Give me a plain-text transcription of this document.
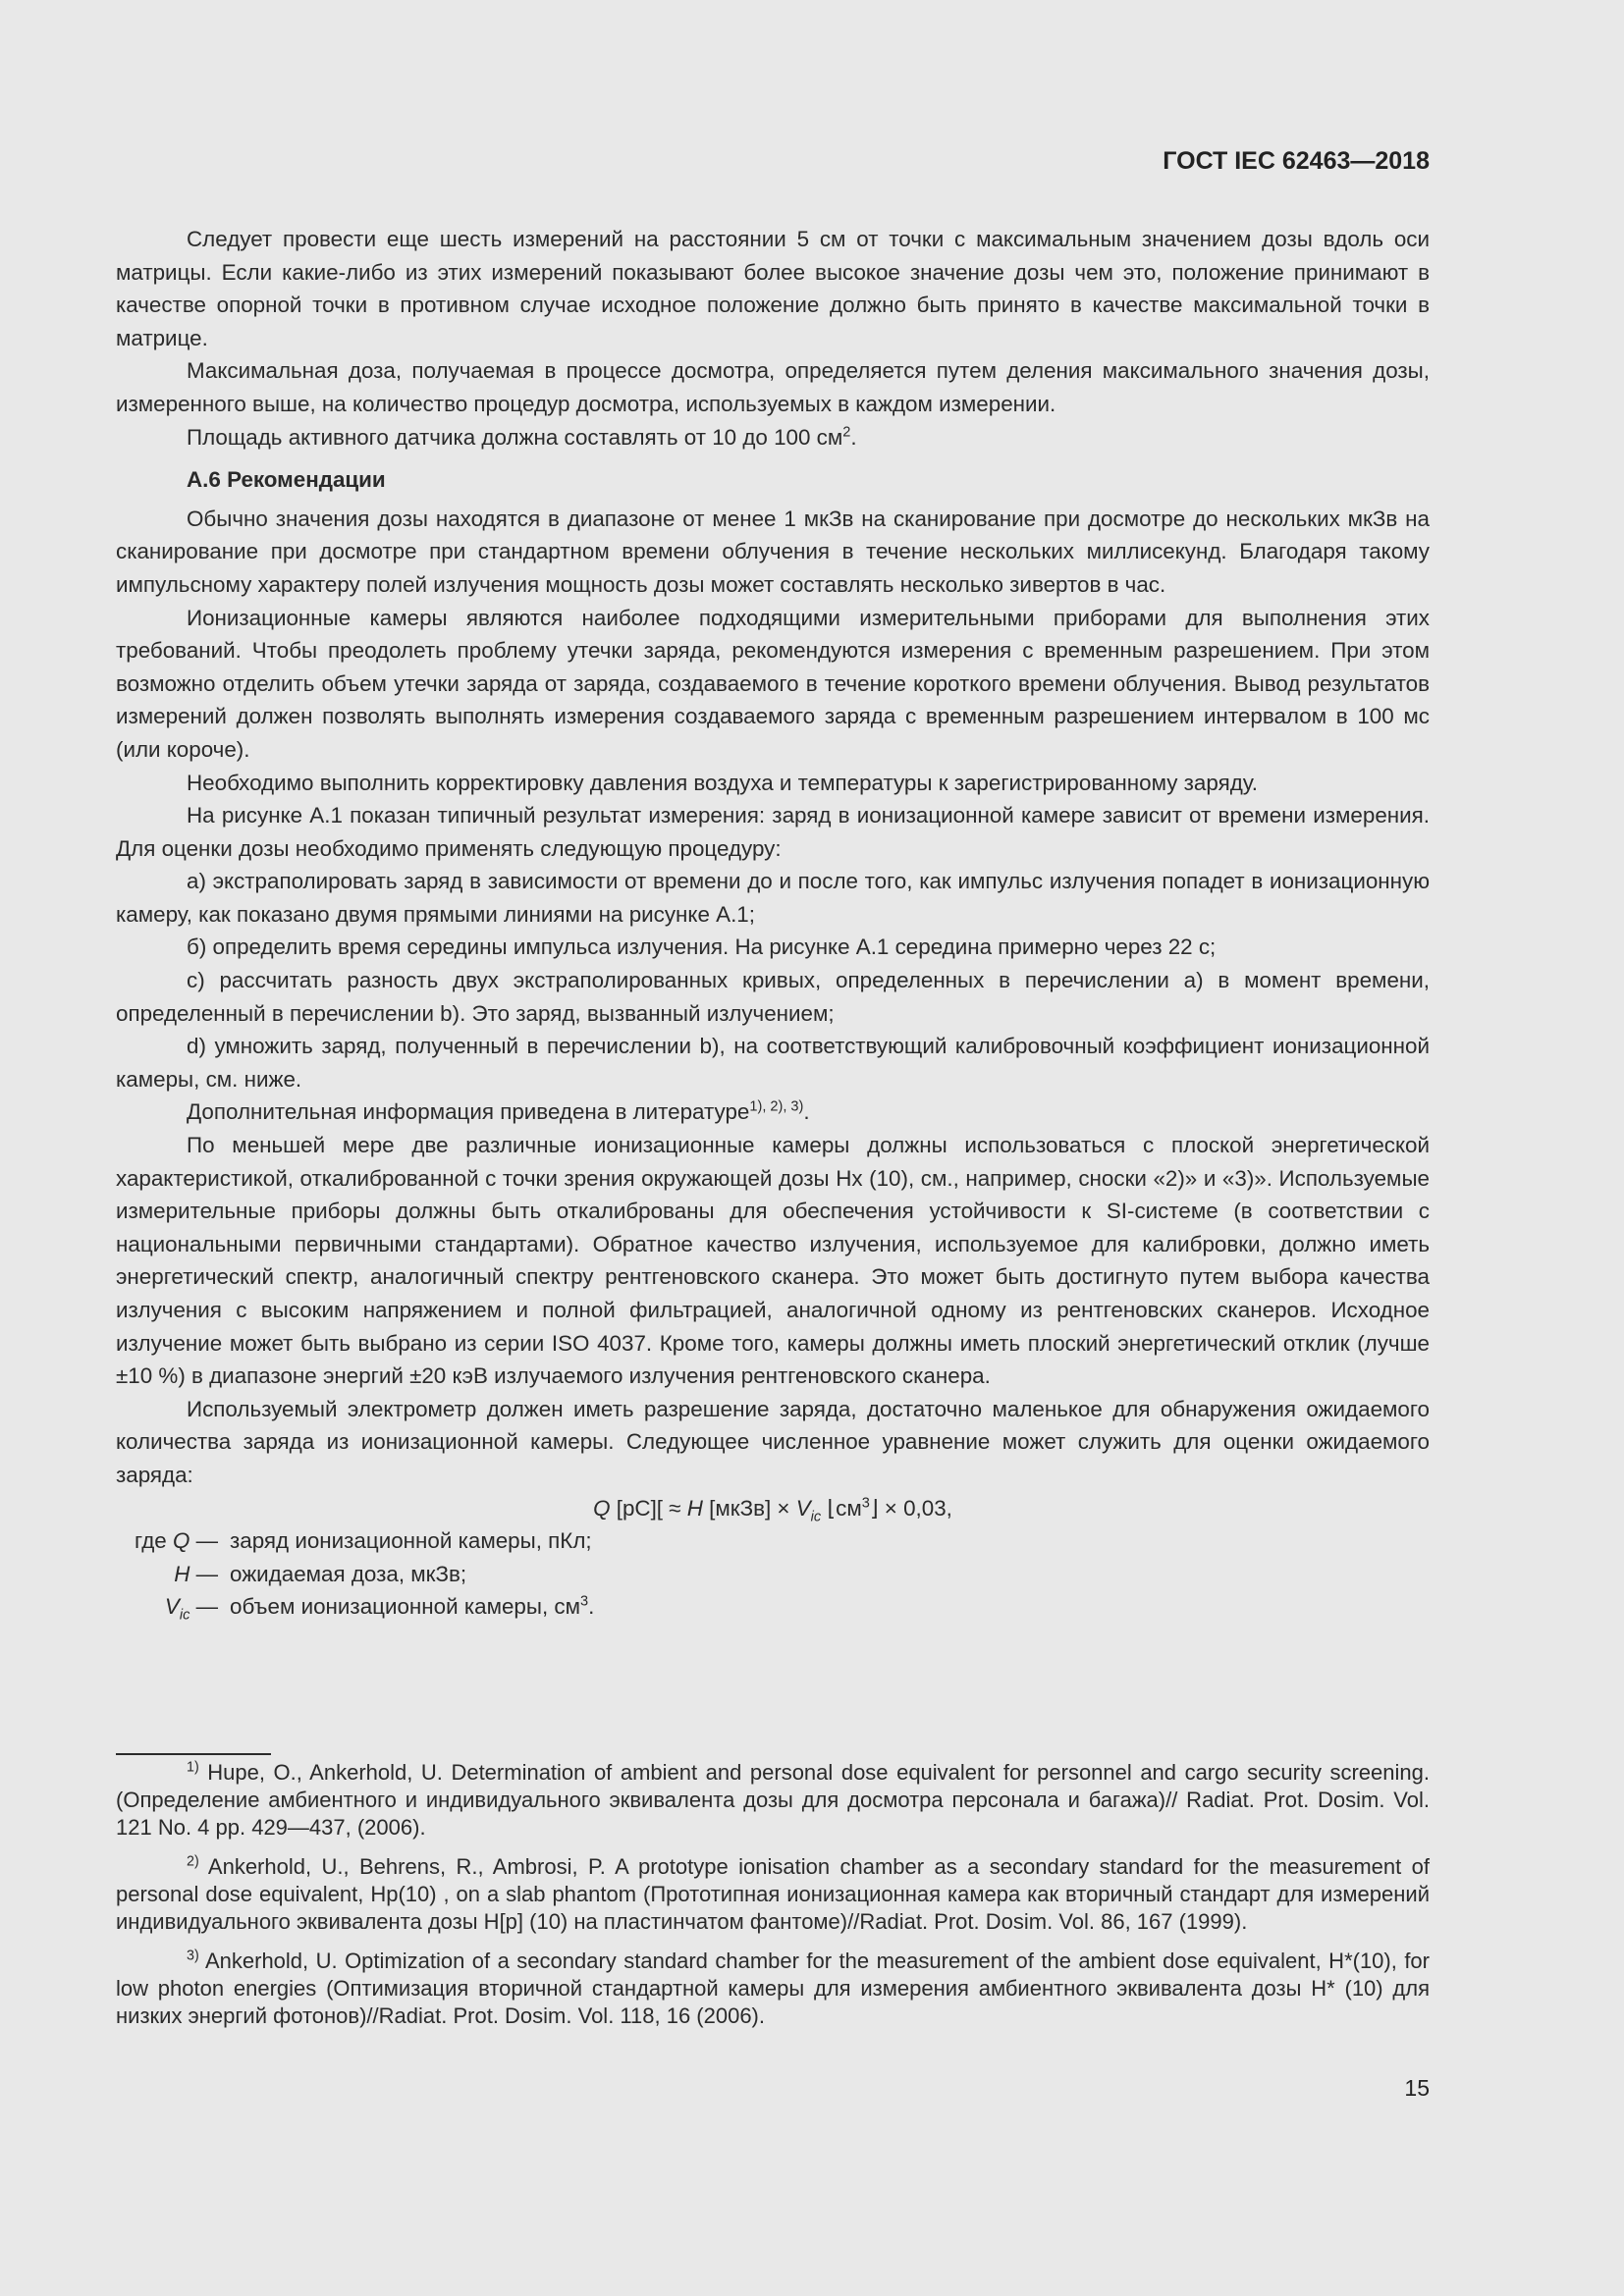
ГОСТ IEC 62463—2018

Следует провести еще шесть измерений на расстоянии 5 см от точки с максимальным значением дозы вдоль оси матрицы. Если какие-либо из этих измерений показывают более высокое значение дозы чем это, положение принимают в качестве опорной точки в противном случае исходное положение должно быть принято в качестве максимальной точки в матрице.

Максимальная доза, получаемая в процессе досмотра, определяется путем деления максимального значения дозы, измеренного выше, на количество процедур досмотра, используемых в каждом измерении.

Площадь активного датчика должна составлять от 10 до 100 $см^2$.

А.6 Рекомендации

Обычно значения дозы находятся в диапазоне от менее 1 мкЗв на сканирование при досмотре до нескольких мкЗв на сканирование при досмотре при стандартном времени облучения в течение нескольких миллисекунд. Благодаря такому импульсному характеру полей излучения мощность дозы может составлять несколько зивертов в час.

Ионизационные камеры являются наиболее подходящими измерительными приборами для выполнения этих требований. Чтобы преодолеть проблему утечки заряда, рекомендуются измерения с временным разрешением. При этом возможно отделить объем утечки заряда от заряда, создаваемого в течение короткого времени облучения. Вывод результатов измерений должен позволять выполнять измерения создаваемого заряда с временным разрешением интервалом в 100 мс (или короче).

Необходимо выполнить корректировку давления воздуха и температуры к зарегистрированному заряду.

На рисунке А.1 показан типичный результат измерения: заряд в ионизационной камере зависит от времени измерения. Для оценки дозы необходимо применять следующую процедуру:

а) экстраполировать заряд в зависимости от времени до и после того, как импульс излучения попадет в ионизационную камеру, как показано двумя прямыми линиями на рисунке А.1;

б) определить время середины импульса излучения. На рисунке А.1 середина примерно через 22 с;

с) рассчитать разность двух экстраполированных кривых, определенных в перечислении а) в момент времени, определенный в перечислении b). Это заряд, вызванный излучением;

d) умножить заряд, полученный в перечислении b), на соответствующий калибровочный коэффициент ионизационной камеры, см. ниже.

Дополнительная информация приведена в литературе$^{1), 2), 3)}$.

По меньшей мере две различные ионизационные камеры должны использоваться с плоской энергетической характеристикой, откалиброванной с точки зрения окружающей дозы Нх (10), см., например, сноски «2)» и «3)». Используемые измерительные приборы должны быть откалиброваны для обеспечения устойчивости к SI-системе (в соответствии с национальными первичными стандартами). Обратное качество излучения, используемое для калибровки, должно иметь энергетический спектр, аналогичный спектру рентгеновского сканера. Это может быть достигнуто путем выбора качества излучения с высоким напряжением и полной фильтрацией, аналогичной одному из рентгеновских сканеров. Исходное излучение может быть выбрано из серии ISO 4037. Кроме того, камеры должны иметь плоский энергетический отклик (лучше ±10 %) в диапазоне энергий ±20 кэВ излучаемого излучения рентгеновского сканера.

Используемый электрометр должен иметь разрешение заряда, достаточно маленькое для обнаружения ожидаемого количества заряда из ионизационной камеры. Следующее численное уравнение может служить для оценки ожидаемого заряда:

Q [pC][ ≈ H [мкЗв] × $V_{ic}$ $⌊см^3⌋ \times 0,03$,

где Q — заряд ионизационной камеры, пКл;
H — ожидаемая доза, мкЗв;
$V_{ic}$ — объем ионизационной камеры, $см^3$.

$^{1)}$ Hupe, O., Ankerhold, U. Determination of ambient and personal dose equivalent for personnel and cargo security screening. (Определение амбиентного и индивидуального эквивалента дозы для досмотра персонала и багажа)// Radiat. Prot. Dosim. Vol. 121 No. 4 pp. 429—437, (2006).

$^{2)}$ Ankerhold, U., Behrens, R., Ambrosi, P. A prototype ionisation chamber as a secondary standard for the measurement of personal dose equivalent, Hp(10) , on a slab phantom (Прототипная ионизационная камера как вторичный стандарт для измерений индивидуального эквивалента дозы H[p] (10) на пластинчатом фантоме)//Radiat. Prot. Dosim. Vol. 86, 167 (1999).

$^{3)}$ Ankerhold, U. Optimization of a secondary standard chamber for the measurement of the ambient dose equivalent, H*(10), for low photon energies (Оптимизация вторичной стандартной камеры для измерения амбиентного эквивалента дозы H* (10) для низких энергий фотонов)//Radiat. Prot. Dosim. Vol. 118, 16 (2006).

15
